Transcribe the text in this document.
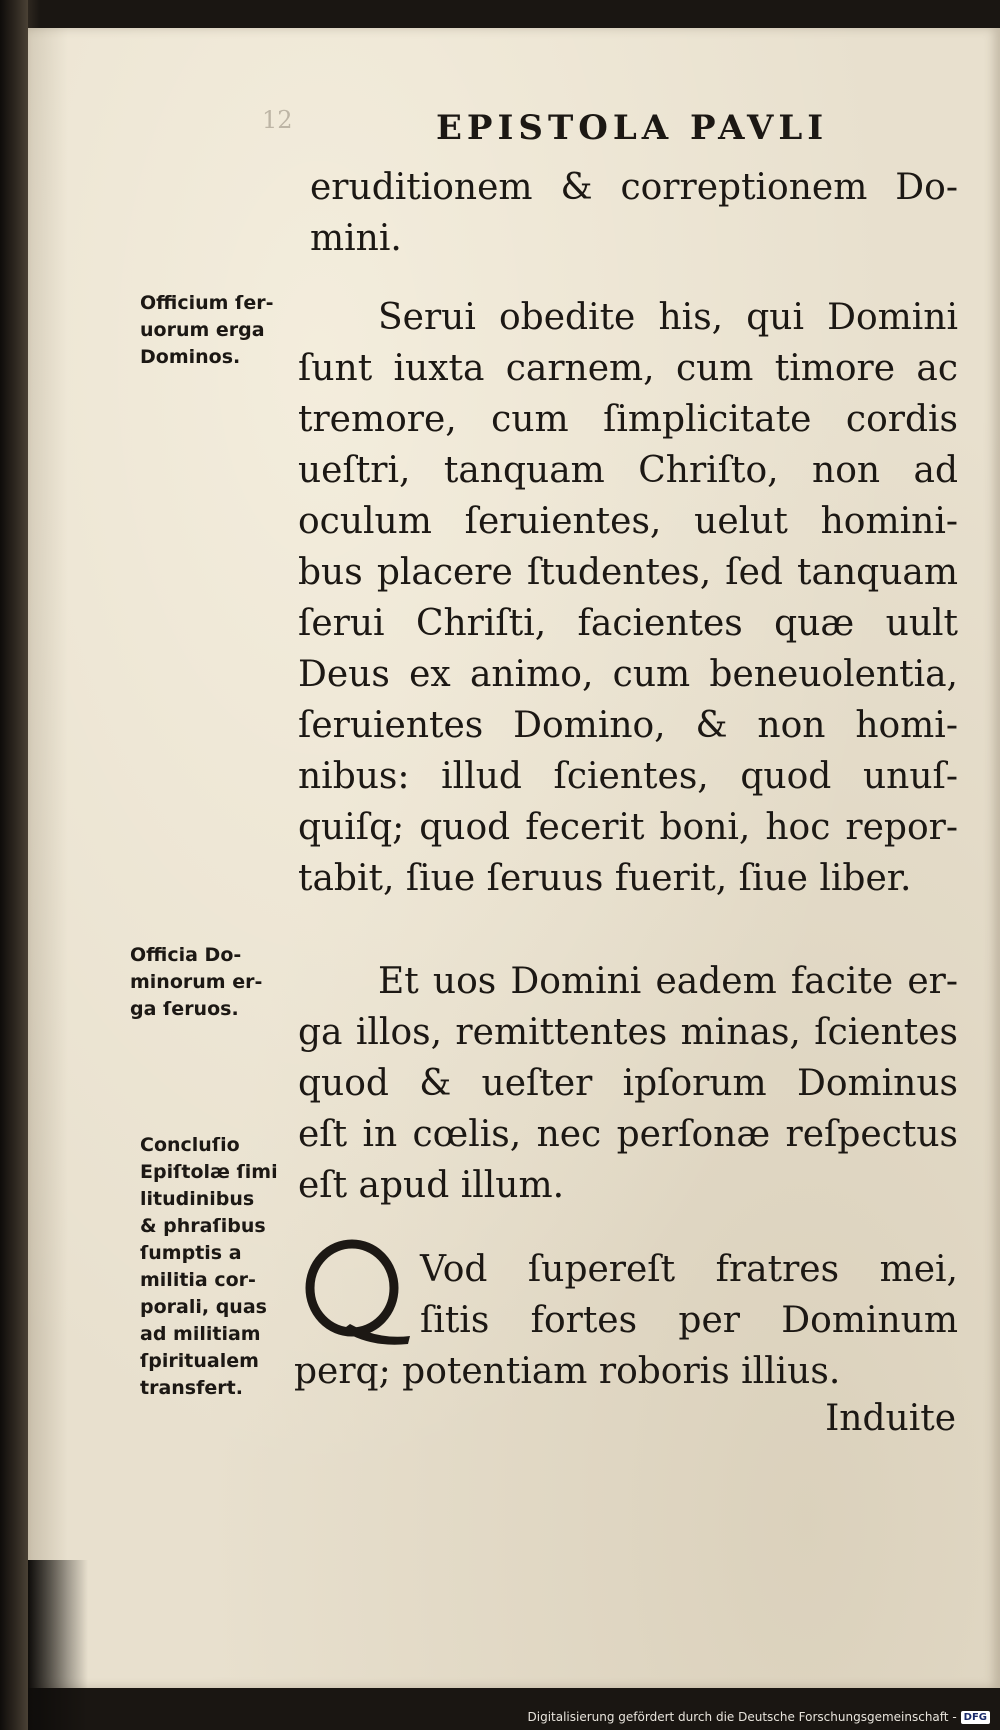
12	EPISTOLA PAVLI
eruditionem & correptionem Do-
mini.
Serui obedite his, qui Domini
ſunt iuxta carnem, cum timore ac
tremore, cum ſimplicitate cordis
ueſtri, tanquam Chriſto, non ad
oculum ſeruientes, uelut homini-
bus placere ſtudentes, ſed tanquam
ſerui Chriſti, facientes quæ uult
Deus ex animo, cum beneuolentia,
ſeruientes Domino, & non homi-
nibus: illud ſcientes, quod unuſ-
quiſq; quod fecerit boni, hoc repor-
tabit, ſiue ſeruus fuerit, ſiue liber.
Et uos Domini eadem facite er-
ga illos, remittentes minas, ſcientes
quod & ueſter ipſorum Dominus
eſt in cœlis, nec perſonæ reſpectus
eſt apud illum.
Vod ſupereſt fratres mei,
ſitis fortes per Dominum
perq; potentiam roboris illius.
Induite
Officium ſer-
uorum erga
Dominos.
Officia Do-
minorum er-
ga ſeruos.
Concluſio
Epiſtolæ ſimi
litudinibus
& phraſibus
ſumptis a
militia cor-
porali, quas
ad militiam
ſpiritualem
transfert.
Digitalisierung gefördert durch die Deutsche Forschungsgemeinschaft - DFG
